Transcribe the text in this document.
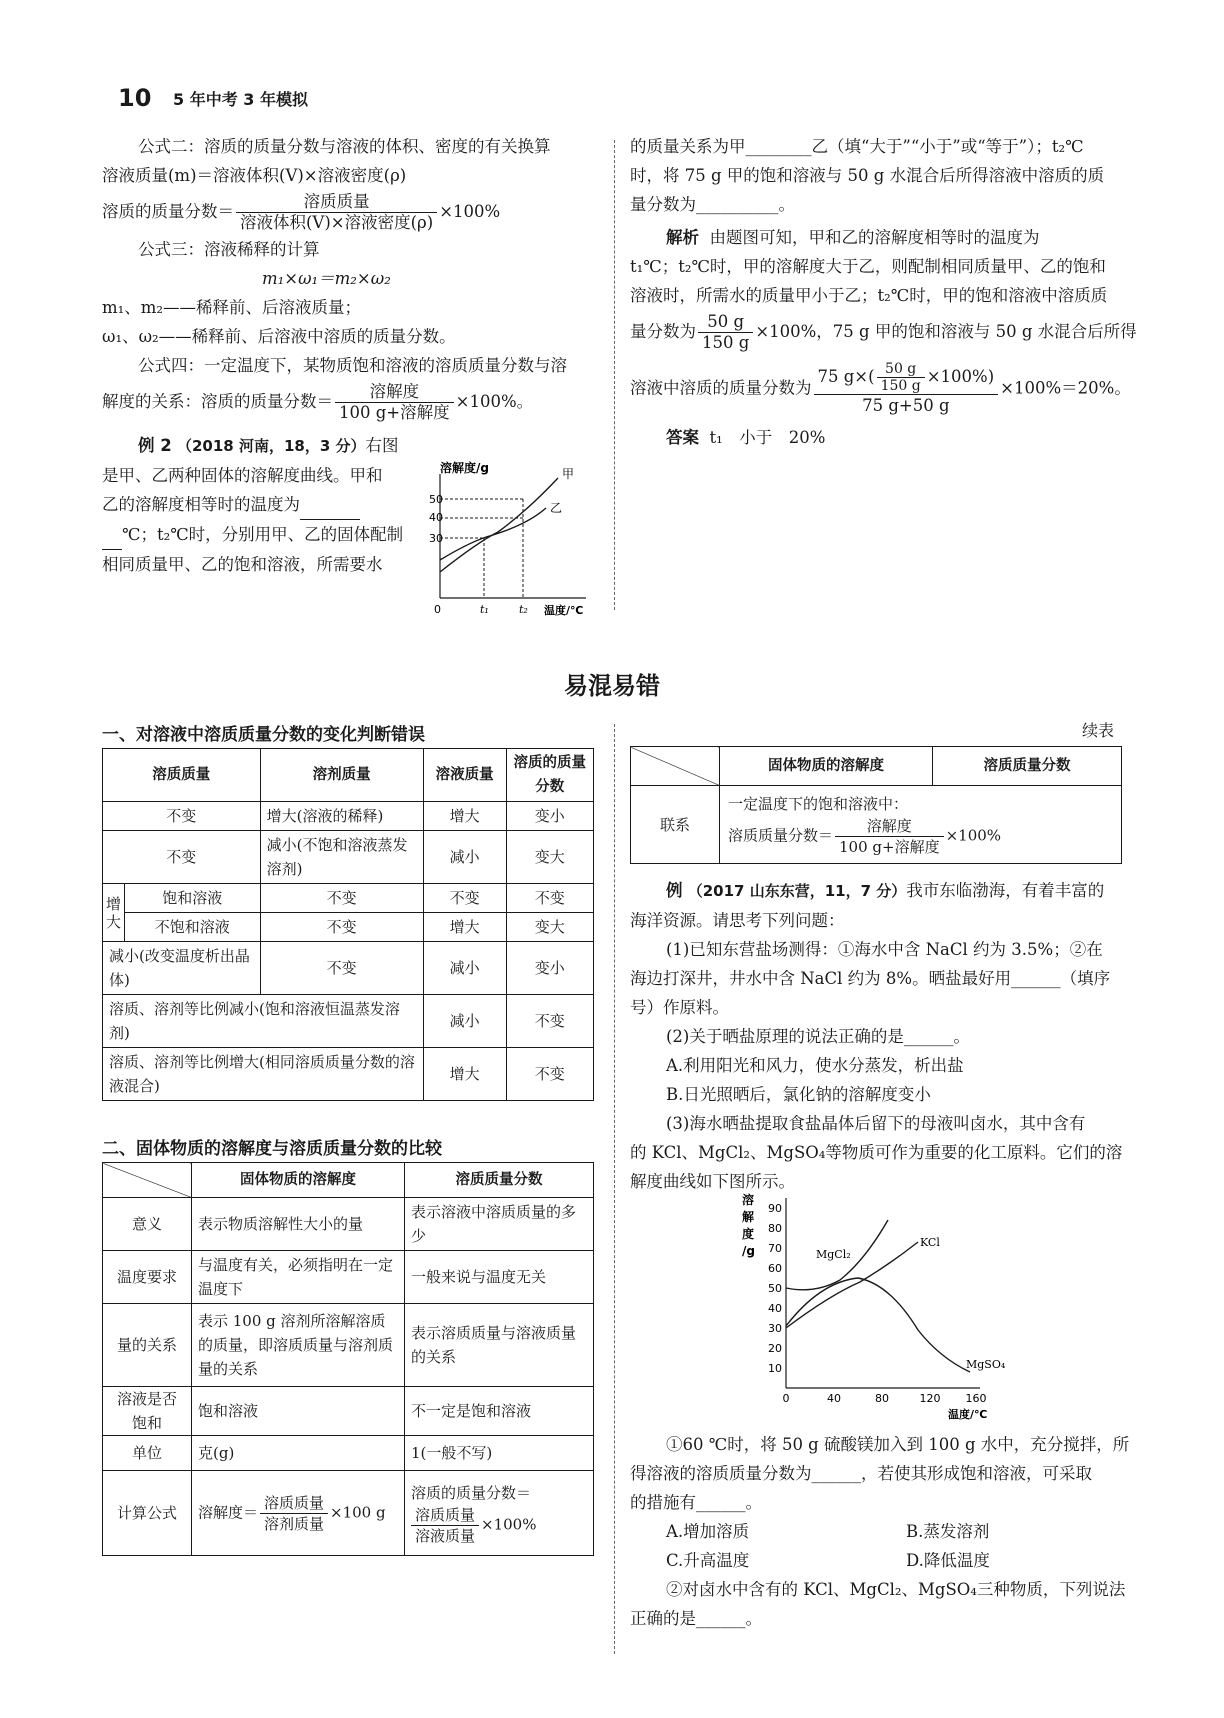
10 5 年中考 3 年模拟
公式二：溶质的质量分数与溶液的体积、密度的有关换算
溶液质量(m)＝溶液体积(V)×溶液密度(ρ)
溶质的质量分数＝ $\frac{\text{溶质质量}}{\text{溶液体积(V)×溶液密度(ρ)}} \times 100\%$
公式三：溶液稀释的计算
m₁×ω₁＝m₂×ω₂
m₁、m₂——稀释前、后溶液质量；
ω₁、ω₂——稀释前、后溶液中溶质的质量分数。
公式四：一定温度下，某物质饱和溶液的溶质质量分数与溶
解度的关系：溶质的质量分数＝ $\frac{\text{溶解度}}{\text{100 g+溶解度}} \times 100\%$。
例 2 （2018 河南，18，3 分）右图
是甲、乙两种固体的溶解度曲线。甲和
乙的溶解度相等时的温度为
℃；t₂℃时，分别用甲、乙的固体配制
相同质量甲、乙的饱和溶液，所需要水
溶解度/g
50
40
30
甲
乙
0	t₁	t₂ 温度/℃
的质量关系为甲________乙（填“大于”“小于”或“等于”）；t₂℃
时，将 75 g 甲的饱和溶液与 50 g 水混合后所得溶液中溶质的质
量分数为__________。
解析 由题图可知，甲和乙的溶解度相等时的温度为
t₁℃；t₂℃时，甲的溶解度大于乙，则配制相同质量甲、乙的饱和
溶液时，所需水的质量甲小于乙；t₂℃时，甲的饱和溶液中溶质质
量分数为 $\frac{50 g}{150 g} \times 100\%$，75 g 甲的饱和溶液与 50 g 水混合后所得
溶液中溶质的质量分数为 $\frac{75 g\times( \frac{50 g}{150 g} \times 100\%)}{75 g+50 g} \times 100\%=20\%$。
答案 t₁　小于　20%
易混易错
一、对溶液中溶质质量分数的变化判断错误
溶质质量		溶剂质量	溶液质量	溶质的质量分数
不变		增大(溶液的稀释)	增大	变小
不变		减小(不饱和溶液蒸发溶剂)	减小	变大
增大	饱和溶液	不变	不变	不变
	不饱和溶液	不变	增大	变大
减小(改变温度析出晶体)		不变	减小	变小
溶质、溶剂等比例减小(饱和溶液恒温蒸发溶剂)			减小	不变
溶质、溶剂等比例增大(相同溶质质量分数的溶液混合)			增大	不变
二、固体物质的溶解度与溶质质量分数的比较
	固体物质的溶解度	溶质质量分数
意义	表示物质溶解性大小的量	表示溶液中溶质质量的多少
温度要求	与温度有关，必须指明在一定温度下	一般来说与温度无关
量的关系	表示 100 g 溶剂所溶解溶质的质量，即溶质质量与溶剂质量的关系	表示溶质质量与溶液质量的关系
溶液是否饱和	饱和溶液	不一定是饱和溶液
单位	克(g)	1(一般不写)
计算公式	溶解度＝ $\frac{\text{溶质质量}}{\text{溶剂质量}} \times 100$ g	溶质的质量分数＝
$\frac{\text{溶质质量}}{\text{溶液质量}} \times 100\%$
续表
	固体物质的溶解度	溶质质量分数
联系	一定温度下的饱和溶液中：
溶质质量分数＝ $\frac{\text{溶解度}}{\text{100 g+溶解度}} \times 100\%$	
例 （2017 山东东营，11，7 分）我市东临渤海，有着丰富的
海洋资源。请思考下列问题：
(1)已知东营盐场测得：①海水中含 NaCl 约为 3.5%；②在
海边打深井，井水中含 NaCl 约为 8%。晒盐最好用______（填序
号）作原料。
(2)关于晒盐原理的说法正确的是______。
A.利用阳光和风力，使水分蒸发，析出盐
B.日光照晒后，氯化钠的溶解度变小
(3)海水晒盐提取食盐晶体后留下的母液叫卤水，其中含有
的 KCl、MgCl₂、MgSO₄等物质可作为重要的化工原料。它们的溶
解度曲线如下图所示。
溶
解
度
/g
10
20
30
40
50
60
70
80
90
MgCl₂
KCl
MgSO₄
0	40	80	120 160
温度/℃
①60 ℃时，将 50 g 硫酸镁加入到 100 g 水中，充分搅拌，所
得溶液的溶质质量分数为______，若使其形成饱和溶液，可采取
的措施有______。
A.增加溶质	B.蒸发溶剂
C.升高温度	D.降低温度
②对卤水中含有的 KCl、MgCl₂、MgSO₄三种物质，下列说法
正确的是______。
